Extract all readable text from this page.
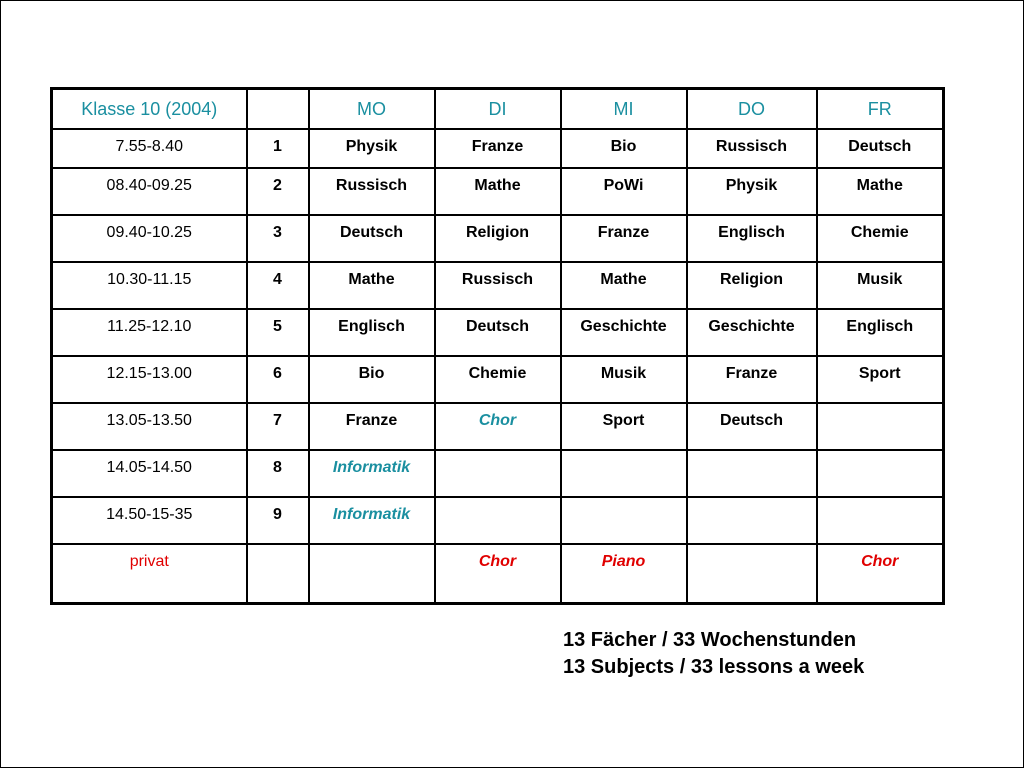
Klasse 10 (2004)		MO	DI	MI	DO	FR
7.55-8.40	1	Physik	Franze	Bio	Russisch	Deutsch
08.40-09.25	2	Russisch	Mathe	PoWi	Physik	Mathe
09.40-10.25	3	Deutsch	Religion	Franze	Englisch	Chemie
10.30-11.15	4	Mathe	Russisch	Mathe	Religion	Musik
11.25-12.10	5	Englisch	Deutsch	Geschichte	Geschichte	Englisch
12.15-13.00	6	Bio	Chemie	Musik	Franze	Sport
13.05-13.50	7	Franze	Chor	Sport	Deutsch	
14.05-14.50	8	Informatik				
14.50-15-35	9	Informatik				
privat			Chor	Piano		Chor
13 Fächer / 33 Wochenstunden
13 Subjects / 33 lessons a week
